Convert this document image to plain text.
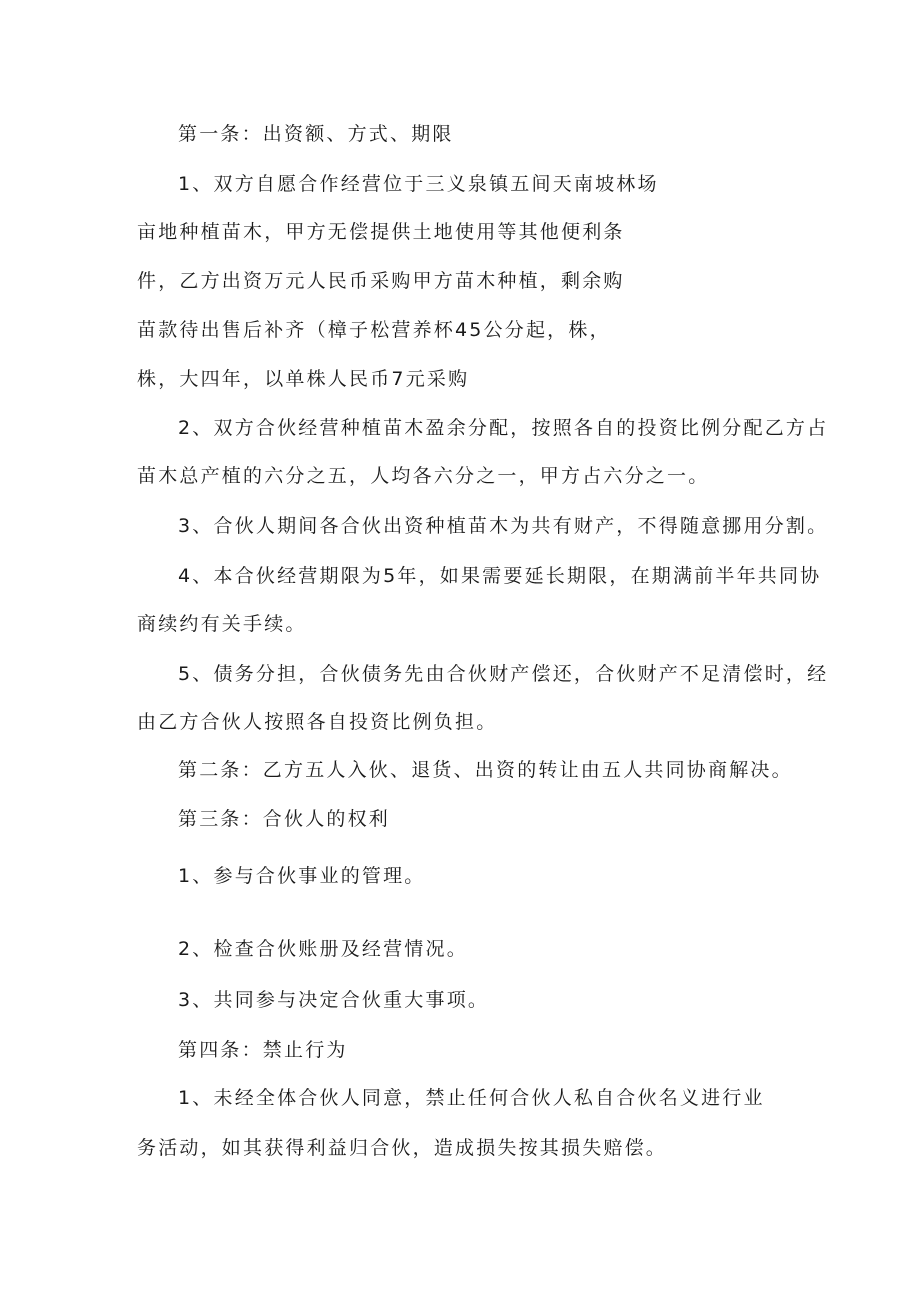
第一条：出资额、方式、期限

1、双方自愿合作经营位于三义泉镇五间天南坡林场

亩地种植苗木，甲方无偿提供土地使用等其他便利条

件，乙方出资万元人民币采购甲方苗木种植，剩余购

苗款待出售后补齐（樟子松营养杯45公分起，株，

株，大四年，以单株人民币7元采购

2、双方合伙经营种植苗木盈余分配，按照各自的投资比例分配乙方占

苗木总产植的六分之五，人均各六分之一，甲方占六分之一。

3、合伙人期间各合伙出资种植苗木为共有财产，不得随意挪用分割。

4、本合伙经营期限为5年，如果需要延长期限，在期满前半年共同协

商续约有关手续。

5、债务分担，合伙债务先由合伙财产偿还，合伙财产不足清偿时，经

由乙方合伙人按照各自投资比例负担。

第二条：乙方五人入伙、退货、出资的转让由五人共同协商解决。

第三条：合伙人的权利

1、参与合伙事业的管理。

2、检查合伙账册及经营情况。

3、共同参与决定合伙重大事项。

第四条：禁止行为

1、未经全体合伙人同意，禁止任何合伙人私自合伙名义进行业

务活动，如其获得利益归合伙，造成损失按其损失赔偿。
